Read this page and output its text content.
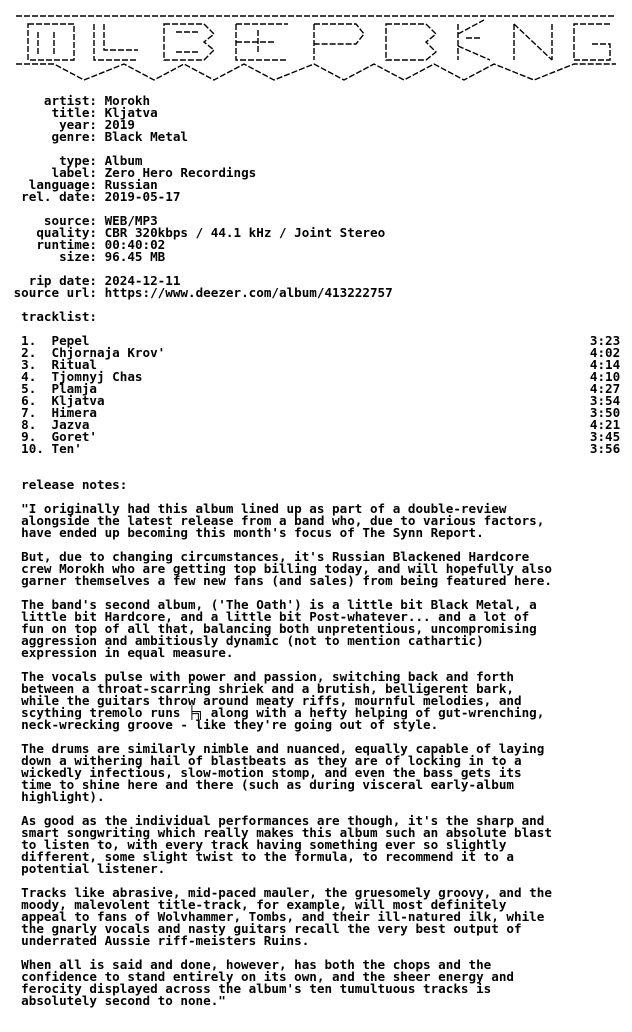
artist: Morokh
title: Kljatva
year: 2019
genre: Black Metal

type: Album
label: Zero Hero Recordings
language: Russian
rel. date: 2019-05-17

source: WEB/MP3
quality: CBR 320kbps / 44.1 kHz / Joint Stereo
runtime: 00:40:02
size: 96.45 MB

rip date: 2024-12-11
source url: https://www.deezer.com/album/413222757

tracklist:

1.  Pepel	3:23
2.  Chjornaja Krov'	4:02
3.  Ritual	4:14
4.  Tjomnyj Chas	4:10
5.  Plamja	4:27
6.  Kljatva	3:54
7.  Himera	3:50
8.  Jazva	4:21
9.  Goret'	3:45
10. Ten'	3:56

release notes:

"I originally had this album lined up as part of a double-review
alongside the latest release from a band who, due to various factors,
have ended up becoming this month's focus of The Synn Report.

But, due to changing circumstances, it's Russian Blackened Hardcore
crew Morokh who are getting top billing today, and will hopefully also
garner themselves a few new fans (and sales) from being featured here.

The band's second album, ('The Oath') is a little bit Black Metal, a
little bit Hardcore, and a little bit Post-whatever... and a lot of
fun on top of all that, balancing both unpretentious, uncompromising
aggression and ambitiously dynamic (not to mention cathartic)
expression in equal measure.

The vocals pulse with power and passion, switching back and forth
between a throat-scarring shriek and a brutish, belligerent bark,
while the guitars throw around meaty riffs, mournful melodies, and
scything tremolo runs ╞╗ along with a hefty helping of gut-wrenching,
neck-wrecking groove - like they're going out of style.

The drums are similarly nimble and nuanced, equally capable of laying
down a withering hail of blastbeats as they are of locking in to a
wickedly infectious, slow-motion stomp, and even the bass gets its
time to shine here and there (such as during visceral early-album
highlight).

As good as the individual performances are though, it's the sharp and
smart songwriting which really makes this album such an absolute blast
to listen to, with every track having something ever so slightly
different, some slight twist to the formula, to recommend it to a
potential listener.

Tracks like abrasive, mid-paced mauler, the gruesomely groovy, and the
moody, malevolent title-track, for example, will most definitely
appeal to fans of Wolvhammer, Tombs, and their ill-natured ilk, while
the gnarly vocals and nasty guitars recall the very best output of
underrated Aussie riff-meisters Ruins.

When all is said and done, however, has both the chops and the
confidence to stand entirely on its own, and the sheer energy and
ferocity displayed across the album's ten tumultuous tracks is
absolutely second to none."
